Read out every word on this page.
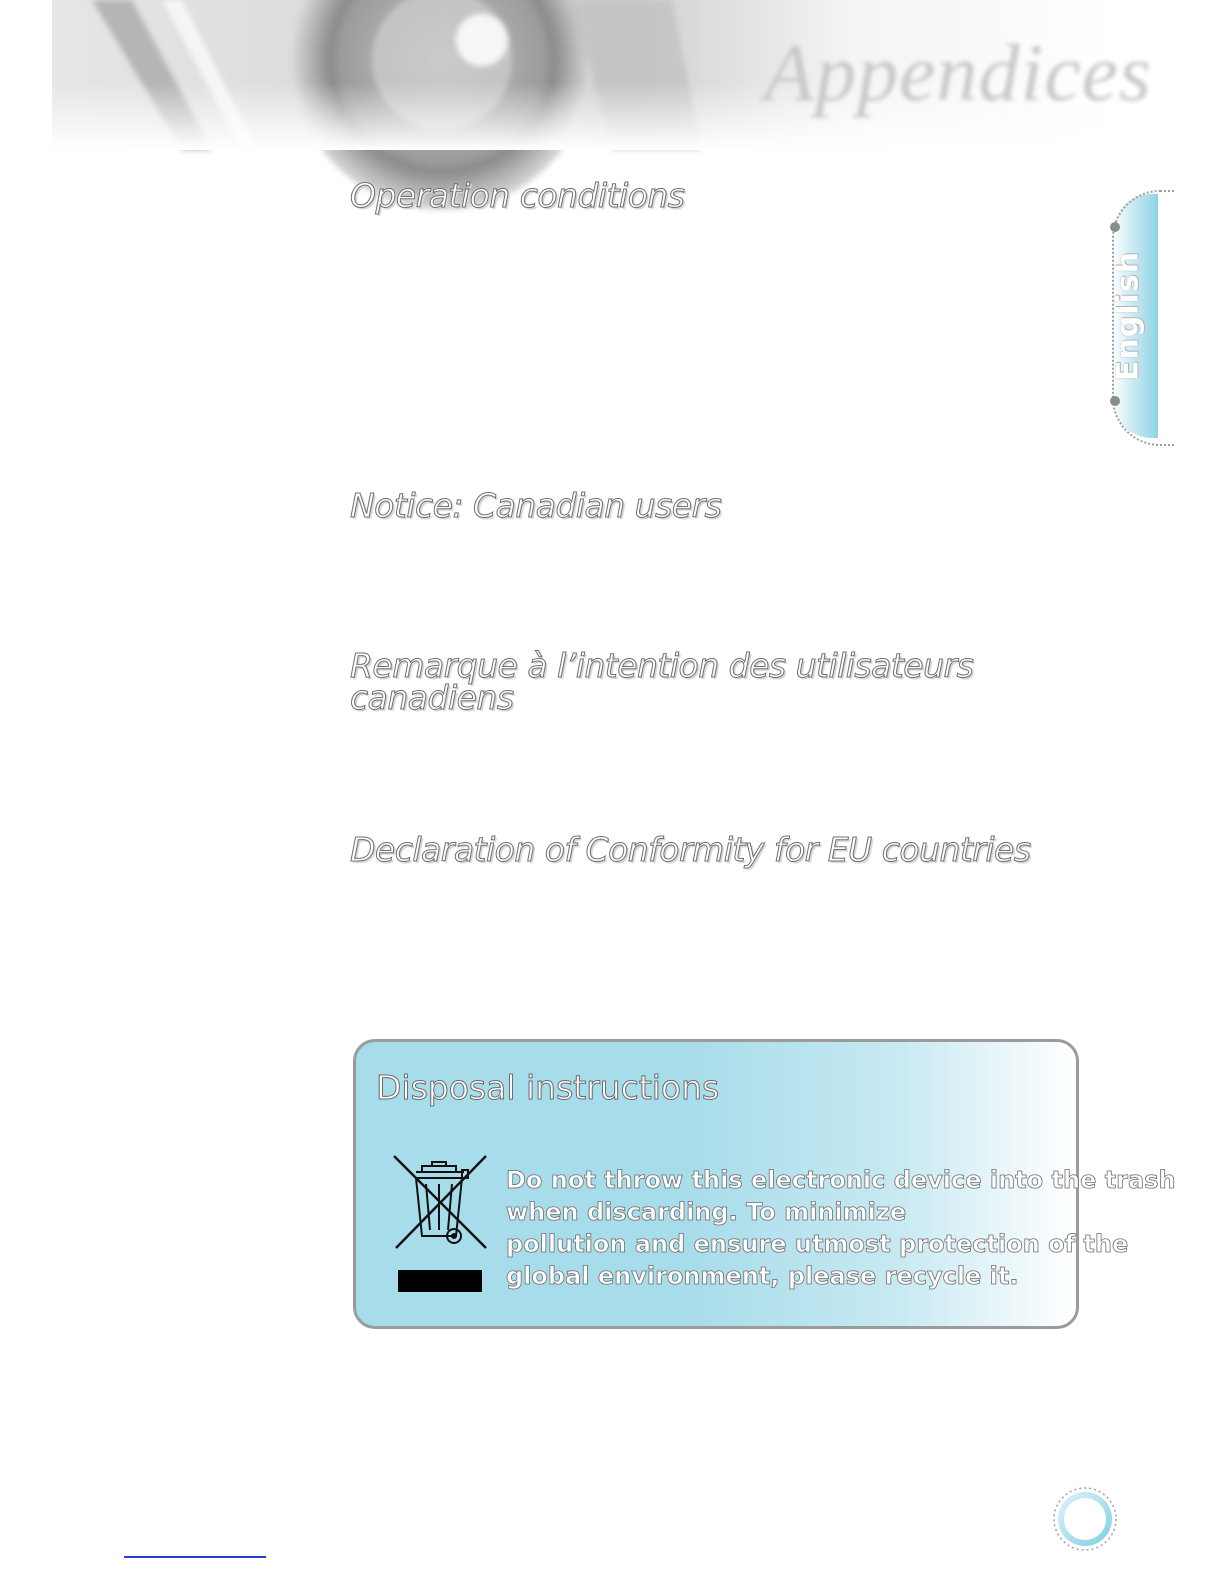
Appendices
English
Operation conditions
Notice: Canadian users
Remarque à l’intention des utilisateurs
canadiens
Declaration of Conformity for EU countries
Disposal instructions
Do not throw this electronic device into the trash
when discarding. To minimize
pollution and ensure utmost protection of the
global environment, please recycle it.
